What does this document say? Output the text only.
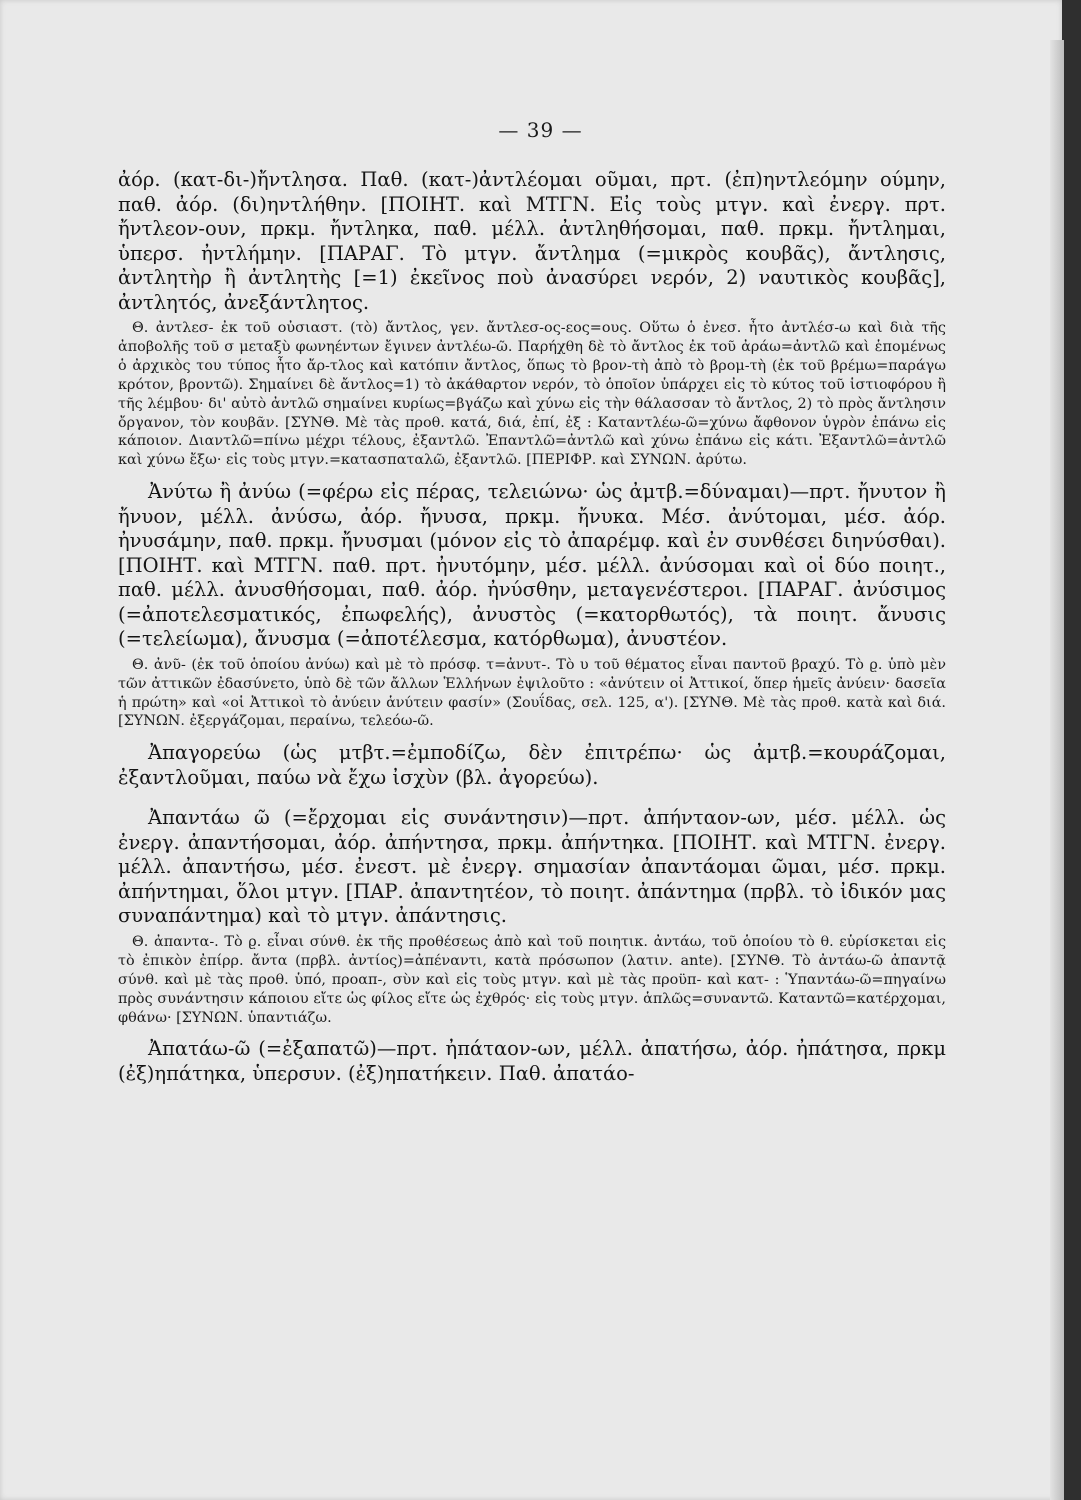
— 39 —

ἀόρ. (κατ-δι-)ἤντλησα. Παθ. (κατ-)ἀντλέομαι οῦμαι, πρτ. (ἐπ)ηντλεόμην ούμην, παθ. ἀόρ. (δι)ηντλήθην. [ΠΟΙΗΤ. καὶ ΜΤΓΝ. Εἰς τοὺς μτγν. καὶ ἐνεργ. πρτ. ἤντλεον-ουν, πρκμ. ἤντληκα, παθ. μέλλ. ἀντληθήσομαι, παθ. πρκμ. ἤντλημαι, ὑπερσ. ἠντλήμην. [ΠΑΡΑΓ. Τὸ μτγν. ἄντλημα (=μικρὸς κουβᾶς), ἄντλησις, ἀντλητὴρ ἢ ἀντλητὴς [=1) ἐκεῖνος ποὺ ἀνασύρει νερόν, 2) ναυτικὸς κουβᾶς], ἀντλητός, ἀνεξάντλητος.

Θ. ἀντλεσ- ἐκ τοῦ οὐσιαστ. (τὸ) ἄντλος, γεν. ἄντλεσ-ος-εος=ους. Οὕτω ὁ ἐνεσ. ἦτο ἀντλέσ-ω καὶ διὰ τῆς ἀποβολῆς τοῦ σ μεταξὺ φωνηέντων ἔγινεν ἀντλέω-ῶ. Παρήχθη δὲ τὸ ἄντλος ἐκ τοῦ ἀράω=ἀντλῶ καὶ ἑπομένως ὁ ἀρχικὸς του τύπος ἦτο ἄρ-τλος καὶ κατόπιν ἄντλος, ὅπως τὸ βρον-τὴ ἀπὸ τὸ βρομ-τὴ (ἐκ τοῦ βρέμω=παράγω κρότον, βροντῶ). Σημαίνει δὲ ἄντλος=1) τὸ ἀκάθαρτον νερόν, τὸ ὁποῖον ὑπάρχει εἰς τὸ κύτος τοῦ ἱστιοφόρου ἢ τῆς λέμβου· δι' αὐτὸ ἀντλῶ σημαίνει κυρίως=βγάζω καὶ χύνω εἰς τὴν θάλασσαν τὸ ἄντλος, 2) τὸ πρὸς ἄντλησιν ὄργανον, τὸν κουβᾶν. [ΣΥΝΘ. Μὲ τὰς προθ. κατά, διά, ἐπί, ἐξ : Καταντλέω-ῶ=χύνω ἄφθονον ὑγρὸν ἐπάνω εἰς κάποιον. Διαντλῶ=πίνω μέχρι τέλους, ἐξαντλῶ. Ἐπαντλῶ=ἀντλῶ καὶ χύνω ἐπάνω εἰς κάτι. Ἐξαντλῶ=ἀντλῶ καὶ χύνω ἔξω· εἰς τοὺς μτγν.=κατασπαταλῶ, ἐξαντλῶ. [ΠΕΡΙΦΡ. καὶ ΣΥΝΩΝ. ἀρύτω.

Ἀνύτω ἢ ἀνύω (=φέρω εἰς πέρας, τελειώνω· ὡς ἀμτβ.=δύναμαι)—πρτ. ἤνυτον ἢ ἤνυον, μέλλ. ἀνύσω, ἀόρ. ἤνυσα, πρκμ. ἤνυκα. Μέσ. ἀνύτομαι, μέσ. ἀόρ. ἠνυσάμην, παθ. πρκμ. ἤνυσμαι (μόνον εἰς τὸ ἀπαρέμφ. καὶ ἐν συνθέσει διηνύσθαι). [ΠΟΙΗΤ. καὶ ΜΤΓΝ. παθ. πρτ. ἠνυτόμην, μέσ. μέλλ. ἀνύσομαι καὶ οἱ δύο ποιητ., παθ. μέλλ. ἀνυσθήσομαι, παθ. ἀόρ. ἠνύσθην, μεταγενέστεροι. [ΠΑΡΑΓ. ἀνύσιμος (=ἀποτελεσματικός, ἐπωφελής), ἀνυστὸς (=κατορθωτός), τὰ ποιητ. ἄνυσις (=τελείωμα), ἄνυσμα (=ἀποτέλεσμα, κατόρθωμα), ἀνυστέον.

Θ. ἀνῦ- (ἐκ τοῦ ὁποίου ἀνύω) καὶ μὲ τὸ πρόσφ. τ=ἀνυτ-. Τὸ υ τοῦ θέματος εἶναι παντοῦ βραχύ. Τὸ ϱ. ὑπὸ μὲν τῶν ἀττικῶν ἐδασύνετο, ὑπὸ δὲ τῶν ἄλλων Ἑλλήνων ἐψιλοῦτο : «ἀνύτειν οἱ Ἀττικοί, ὅπερ ἡμεῖς ἀνύειν· δασεῖα ἡ πρώτη» καὶ «οἱ Ἀττικοὶ τὸ ἀνύειν ἁνύτειν φασίν» (Σουΐδας, σελ. 125, α'). [ΣΥΝΘ. Μὲ τὰς προθ. κατὰ καὶ διά. [ΣΥΝΩΝ. ἐξεργάζομαι, περαίνω, τελεόω-ῶ.

Ἀπαγορεύω (ὡς μτβτ.=ἐμποδίζω, δὲν ἐπιτρέπω· ὡς ἀμτβ.=κουράζομαι, ἐξαντλοῦμαι, παύω νὰ ἔχω ἰσχὺν (βλ. ἀγορεύω).

Ἀπαντάω ῶ (=ἔρχομαι εἰς συνάντησιν)—πρτ. ἀπήνταον-ων, μέσ. μέλλ. ὡς ἐνεργ. ἀπαντήσομαι, ἀόρ. ἀπήντησα, πρκμ. ἀπήντηκα. [ΠΟΙΗΤ. καὶ ΜΤΓΝ. ἐνεργ. μέλλ. ἀπαντήσω, μέσ. ἐνεστ. μὲ ἐνεργ. σημασίαν ἀπαντάομαι ῶμαι, μέσ. πρκμ. ἀπήντημαι, ὅλοι μτγν. [ΠΑΡ. ἀπαντητέον, τὸ ποιητ. ἀπάντημα (πρβλ. τὸ ἰδικόν μας συναπάντημα) καὶ τὸ μτγν. ἀπάντησις.

Θ. ἀπαντα-. Τὸ ϱ. εἶναι σύνθ. ἐκ τῆς προθέσεως ἀπὸ καὶ τοῦ ποιητικ. ἀντάω, τοῦ ὁποίου τὸ θ. εὑρίσκεται εἰς τὸ ἐπικὸν ἐπίρρ. ἄντα (πρβλ. ἀντίος)=ἀπέναντι, κατὰ πρόσωπον (λατιν. ante). [ΣΥΝΘ. Τὸ ἀντάω-ῶ ἀπαντᾷ σύνθ. καὶ μὲ τὰς προθ. ὑπό, προαπ-, σὺν καὶ εἰς τοὺς μτγν. καὶ μὲ τὰς προϋπ- καὶ κατ- : Ὑπαντάω-ῶ=πηγαίνω πρὸς συνάντησιν κάποιου εἴτε ὡς φίλος εἴτε ὡς ἐχθρός· εἰς τοὺς μτγν. ἁπλῶς=συναντῶ. Καταντῶ=κατέρχομαι, φθάνω· [ΣΥΝΩΝ. ὑπαντιάζω.

Ἀπατάω-ῶ (=ἐξαπατῶ)—πρτ. ἠπάταον-ων, μέλλ. ἀπατήσω, ἀόρ. ἠπάτησα, πρκμ (ἐξ)ηπάτηκα, ὑπερσυν. (ἐξ)ηπατήκειν. Παθ. ἀπατάο-
